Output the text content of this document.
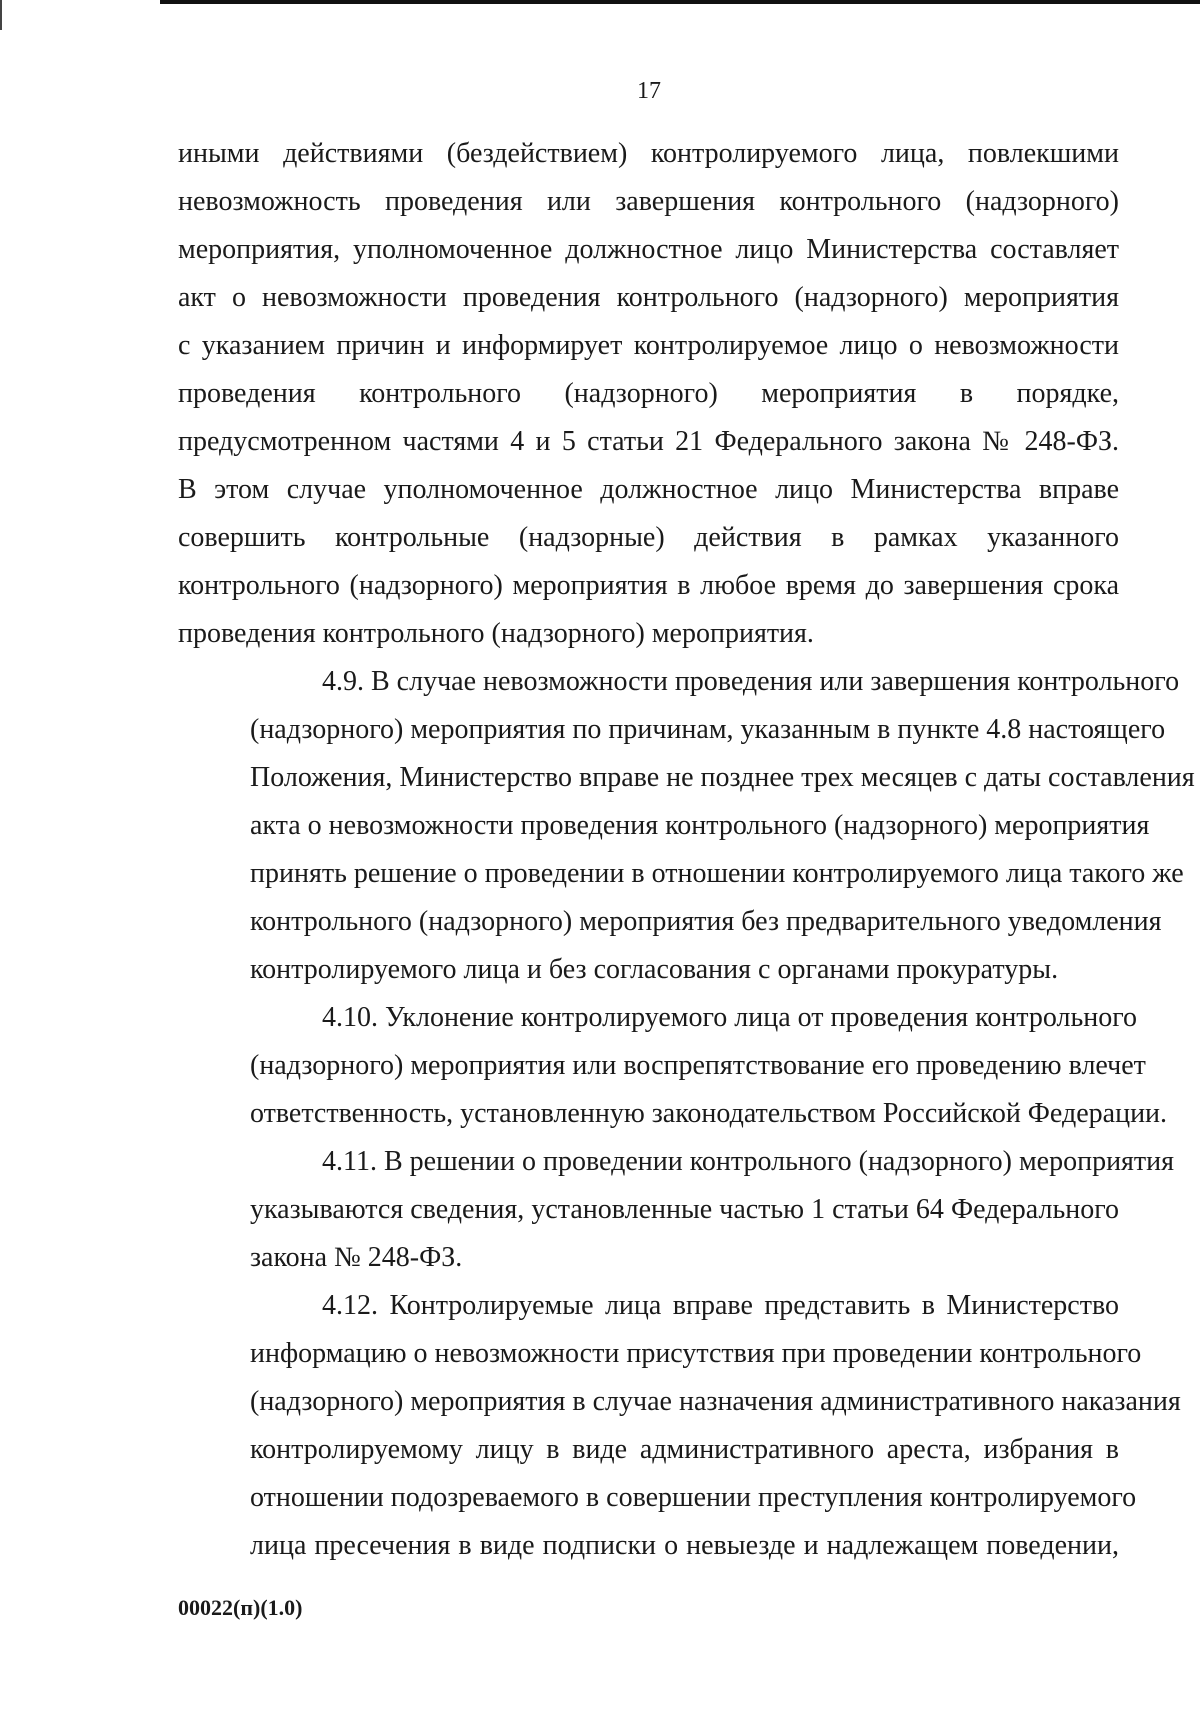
17
иными действиями (бездействием) контролируемого лица, повлекшими
невозможность проведения или завершения контрольного (надзорного)
мероприятия, уполномоченное должностное лицо Министерства составляет
акт о невозможности проведения контрольного (надзорного) мероприятия
с указанием причин и информирует контролируемое лицо о невозможности
проведения контрольного (надзорного) мероприятия в порядке,
предусмотренном частями 4 и 5 статьи 21 Федерального закона № 248-ФЗ.
В этом случае уполномоченное должностное лицо Министерства вправе
совершить контрольные (надзорные) действия в рамках указанного
контрольного (надзорного) мероприятия в любое время до завершения срока
проведения контрольного (надзорного) мероприятия.
4.9. В случае невозможности проведения или завершения контрольного
(надзорного) мероприятия по причинам, указанным в пункте 4.8 настоящего
Положения, Министерство вправе не позднее трех месяцев с даты составления
акта о невозможности проведения контрольного (надзорного) мероприятия
принять решение о проведении в отношении контролируемого лица такого же
контрольного (надзорного) мероприятия без предварительного уведомления
контролируемого лица и без согласования с органами прокуратуры.
4.10. Уклонение контролируемого лица от проведения контрольного
(надзорного) мероприятия или воспрепятствование его проведению влечет
ответственность, установленную законодательством Российской Федерации.
4.11. В решении о проведении контрольного (надзорного) мероприятия
указываются сведения, установленные частью 1 статьи 64 Федерального
закона № 248-ФЗ.
4.12. Контролируемые лица вправе представить в Министерство
информацию о невозможности присутствия при проведении контрольного
(надзорного) мероприятия в случае назначения административного наказания
контролируемому лицу в виде административного ареста, избрания в
отношении подозреваемого в совершении преступления контролируемого
лица пресечения в виде подписки о невыезде и надлежащем поведении,
00022(п)(1.0)
